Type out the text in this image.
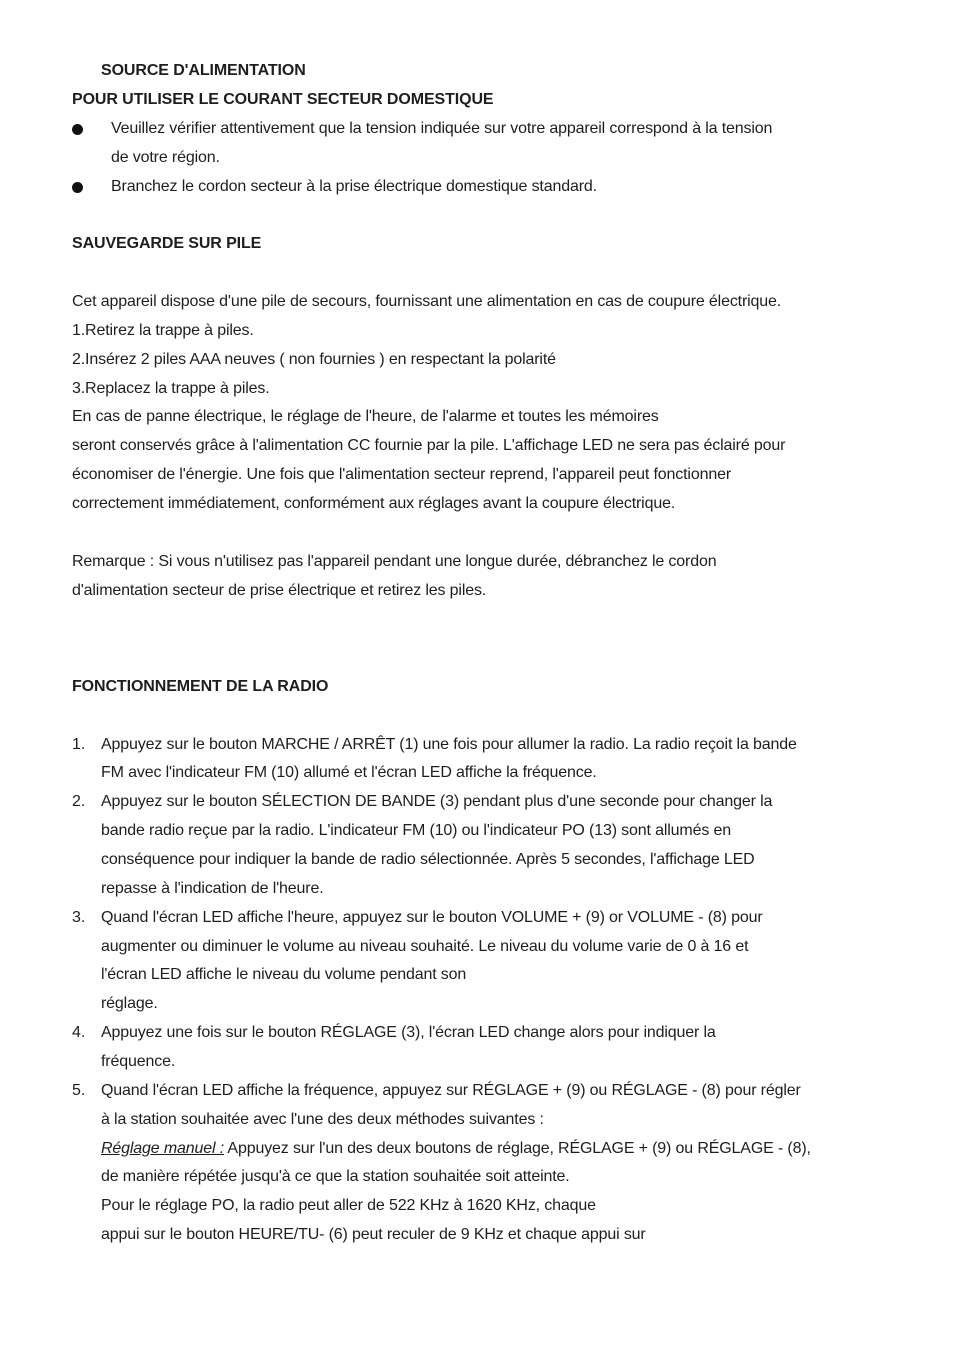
SOURCE D'ALIMENTATION
POUR UTILISER LE COURANT SECTEUR DOMESTIQUE
Veuillez vérifier attentivement que la tension indiquée sur votre appareil correspond à la tension
de votre région.
Branchez le cordon secteur à la prise électrique domestique standard.
SAUVEGARDE SUR PILE
Cet appareil dispose d'une pile de secours, fournissant une alimentation en cas de coupure électrique.
1.Retirez la trappe à piles.
2.Insérez 2 piles AAA neuves ( non fournies ) en respectant la polarité
3.Replacez la trappe à piles.
En cas de panne électrique, le réglage de l'heure, de l'alarme et toutes les mémoires
seront conservés grâce à l'alimentation CC fournie par la pile. L'affichage LED ne sera pas éclairé pour
économiser de l'énergie. Une fois que l'alimentation secteur reprend, l'appareil peut fonctionner
correctement immédiatement, conformément aux réglages avant la coupure électrique.
Remarque : Si vous n'utilisez pas l'appareil pendant une longue durée, débranchez le cordon
d'alimentation secteur de prise électrique et retirez les piles.
FONCTIONNEMENT DE LA RADIO
1. Appuyez sur le bouton MARCHE / ARRÊT (1) une fois pour allumer la radio. La radio reçoit la bande
FM avec l'indicateur FM (10) allumé et l'écran LED affiche la fréquence.
2. Appuyez sur le bouton SÉLECTION DE BANDE (3) pendant plus d'une seconde pour changer la
bande radio reçue par la radio. L'indicateur FM (10) ou l'indicateur PO (13) sont allumés en
conséquence pour indiquer la bande de radio sélectionnée. Après 5 secondes, l'affichage LED
repasse à l'indication de l'heure.
3. Quand l'écran LED affiche l'heure, appuyez sur le bouton VOLUME + (9) or VOLUME - (8) pour
augmenter ou diminuer le volume au niveau souhaité. Le niveau du volume varie de 0 à 16 et
l'écran LED affiche le niveau du volume pendant son
réglage.
4. Appuyez une fois sur le bouton RÉGLAGE (3), l'écran LED change alors pour indiquer la
fréquence.
5. Quand l'écran LED affiche la fréquence, appuyez sur RÉGLAGE + (9) ou RÉGLAGE - (8) pour régler
à la station souhaitée avec l'une des deux méthodes suivantes :
Réglage manuel : Appuyez sur l'un des deux boutons de réglage, RÉGLAGE + (9) ou RÉGLAGE - (8),
de manière répétée jusqu'à ce que la station souhaitée soit atteinte.
Pour le réglage PO, la radio peut aller de 522 KHz à 1620 KHz, chaque
appui sur le bouton HEURE/TU- (6) peut reculer de 9 KHz et chaque appui sur
